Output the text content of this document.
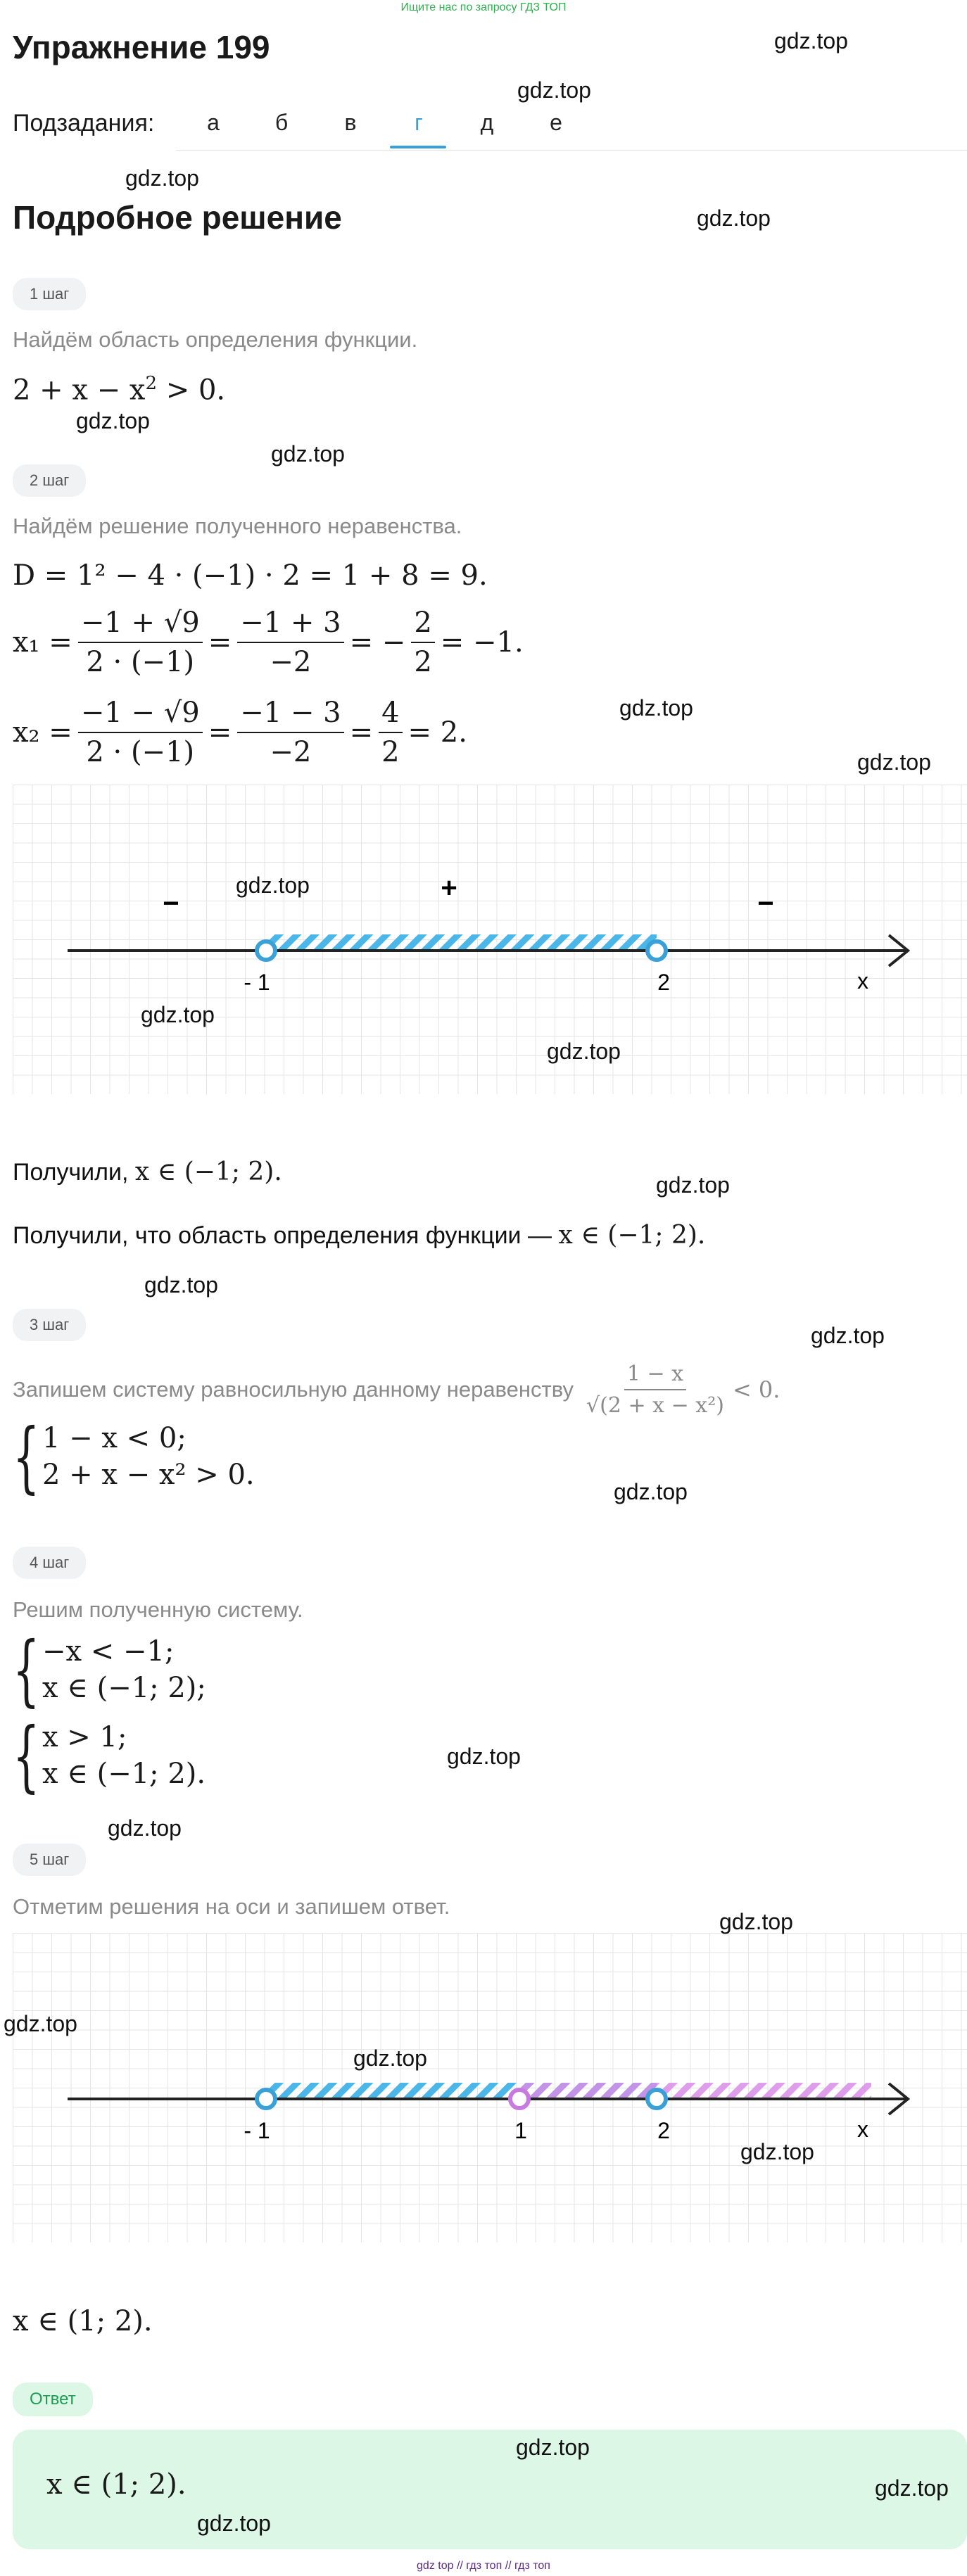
Ищите нас по запросу ГДЗ ТОП
Упражнение 199
Подзадания:	а	б	в	г	д	е
Подробное решение
1 шаг
Найдём область определения функции.
$2 + x - x^2 > 0$.
2 шаг
Найдём решение полученного неравенства.
D = 1² − 4 · (−1) · 2 = 1 + 8 = 9.
$x_1 = \frac{-1 + √9}{2 \cdot (-1)} = \frac{-1 + 3}{-2}$ = − $\frac{2}{2} = -1$.
$x_2 = \frac{-1 - √9}{2 \cdot (-1)} = \frac{-1 - 3}{-2} = \frac{4}{2} = 2$.
−	+	−
- 1	2	x
Получили, x ∈ (−1; 2).
Получили, что область определения функции — x ∈ (−1; 2).
3 шаг
Запишем систему равносильную данному неравенству $\frac{1 - x}{\text{√(2 + x − x²)}} < 0$.
{ 1 − x < 0;
2 + x − x² > 0.
4 шаг
Решим полученную систему.
{ −x < −1;
x ∈ (−1; 2);
{ x > 1;
x ∈ (−1; 2).
5 шаг
Отметим решения на оси и запишем ответ.
- 1	1	2	x
x ∈ (1; 2).
Ответ
x ∈ (1; 2).
gdz.top
gdz.top
gdz.top
gdz.top
gdz.top
gdz.top
gdz.top
gdz.top
gdz.top
gdz.top
gdz.top
gdz.top
gdz.top
gdz.top
gdz.top
gdz.top
gdz.top
gdz.top
gdz.top
gdz.top
gdz.top
gdz.top
gdz.top
gdz.top
gdz top // гдз топ // гдз топ
